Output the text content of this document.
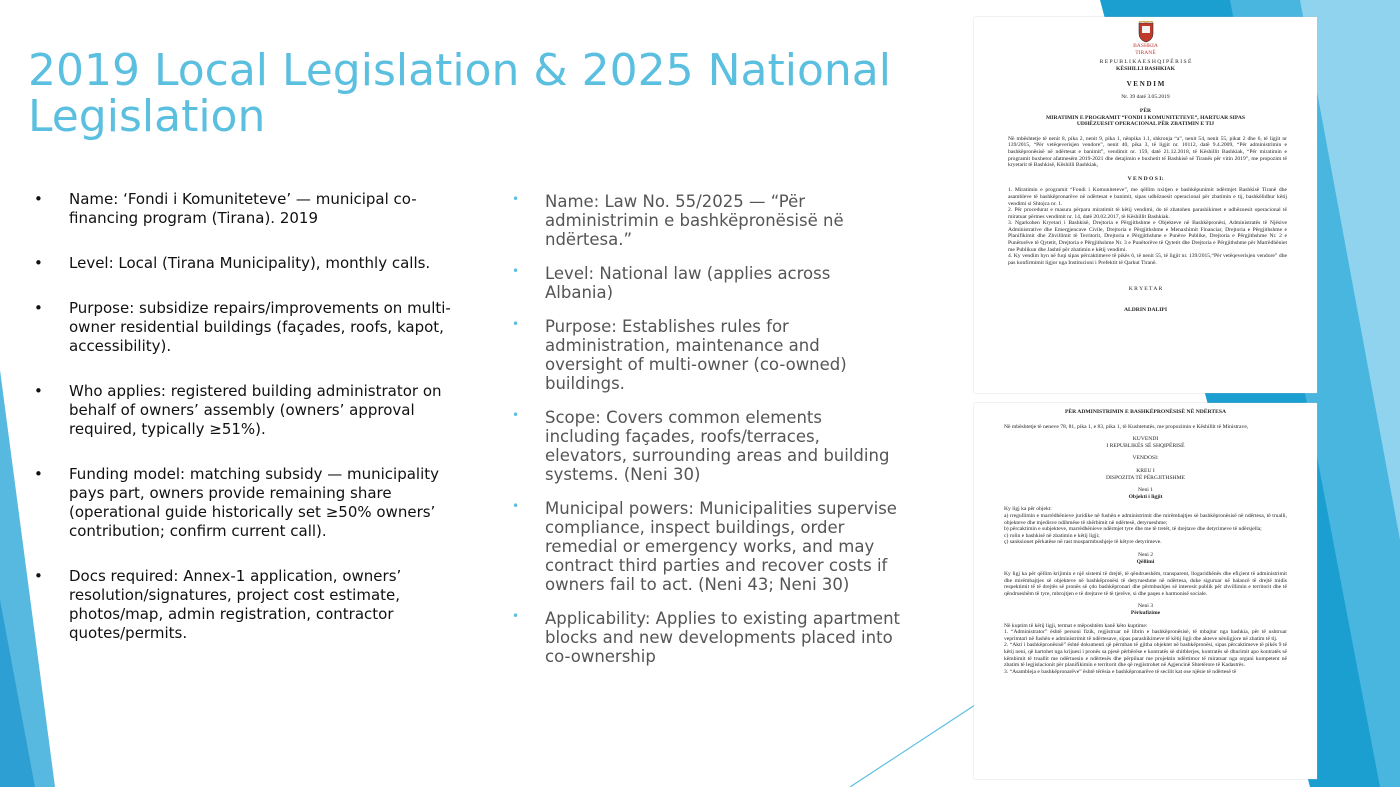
2019 Local Legislation & 2025 National Legislation
• Name: ‘Fondi i Komuniteteve’ — municipal co-financing program (Tirana). 2019
• Level: Local (Tirana Municipality), monthly calls.
• Purpose: subsidize repairs/improvements on multi-owner residential buildings (façades, roofs, kapot, accessibility).
• Who applies: registered building administrator on behalf of owners’ assembly (owners’ approval required, typically ≥51%).
• Funding model: matching subsidy — municipality pays part, owners provide remaining share (operational guide historically set ≥50% owners’ contribution; confirm current call).
• Docs required: Annex-1 application, owners’ resolution/signatures, project cost estimate, photos/map, admin registration, contractor quotes/permits.
• Name: Law No. 55/2025 — “Për administrimin e bashkëpronësisë në ndërtesa.”
• Level: National law (applies across Albania)
• Purpose: Establishes rules for administration, maintenance and oversight of multi-owner (co-owned) buildings.
• Scope: Covers common elements including façades, roofs/terraces, elevators, surrounding areas and building systems. (Neni 30)
• Municipal powers: Municipalities supervise compliance, inspect buildings, order remedial or emergency works, and may contract third parties and recover costs if owners fail to act. (Neni 43; Neni 30)
• Applicability: Applies to existing apartment blocks and new developments placed into co-ownership
BASHKIA
TIRANË
R E P U B L I K A E S H Q I P Ë R I S Ë
KËSHILLI BASHKIAK
V E N D I M
Nr. 39 datë 3.05.2019
PËR
MIRATIMIN E PROGRAMIT “FONDI I KOMUNITETEVE”, HARTUAR SIPAS UDHËZUESIT OPERACIONAL PËR ZBATIMIN E TIJ
Në mbështetje të nenit 8, pika 2, nenit 9, pika 1, nënpika 1.1, shkronja “a”, nenit 54, nenit 55, pikat 2 dhe 6, të ligjit nr 139/2015, “Për vetëqeverisjen vendore”, nenit 40, pika 3, të ligjit nr. 10112, datë 9.4.2009, “Për administrimin e bashkëpronësisë në ndërtesat e banimit”, vendimit nr. 159, datë 21.12.2018, të Këshillit Bashkiak, “Për miratimin e programit buxhetor afatmesëm 2019-2021 dhe detajimin e buxhetit të Bashkisë së Tiranës për vitin 2019”, me propozim të kryetarit të Bashkisë, Këshilli Bashkiak,
V E N D O S I:
1. Miratimin e programit “Fondi i Komuniteteve”, me qëllim nxitjen e bashkëpunimit ndërmjet Bashkisë Tiranë dhe asambleve të bashkëpronarëve në ndërtesat e banimit, sipas udhëzuesit operacional për zbatimin e tij, bashkëlidhur këtij vendimi si Shtojca nr. 1.
2. Për procedurat e masura përpara miratimit të këtij vendimi, do të zbatohen parashikimet e udhëzuesit operacional të miratuar përmes vendimit nr. 14, datë 20.02.2017, të Këshillit Bashkiak.
3. Ngarkohen Kryetari i Bashkisë, Drejtoria e Përgjithshme e Objekteve në Bashkëpronësi, Administratës të Njësive Administrative dhe Emergjencave Civile, Drejtoria e Përgjithshme e Menaxhimit Financiar, Drejtoria e Përgjithshme e Planifikimit dhe Zhvillimit të Territorit, Drejtoria e Përgjithshme e Punëve Publike, Drejtoria e Përgjithshme Nr. 2 e Punëtorëve të Qytetit, Drejtoria e Përgjithshme Nr. 3 e Punëtorëve të Qytetit dhe Drejtoria e Përgjithshme për Marrëdhëniet me Publikun dhe Jashtë për zbatimin e këtij vendimi.
4. Ky vendim hyn në fuqi sipas përcaktimeve të pikës 6, të nenit 55, të ligjit nr. 139/2015,“Për vetëqeverisjen vendore” dhe pas konfirmimit ligjor nga Institucioni i Prefektit të Qarkut Tiranë.
K R Y E T A R
ALDRIN DALIPI
PËR ADMINISTRIMIN E BASHKËPRONËSISË NË NDËRTESA
Në mbështetje të neneve 78, 81, pika 1, e 83, pika 1, të Kushtetutës, me propozimin e Këshillit të Ministrave,
KUVENDI
I REPUBLIKËS SË SHQIPËRISË
VENDOSI:
KREU I
DISPOZITA TË PËRGJITHSHME
Neni 1
Objekti i ligjit
Ky ligj ka për objekt:
a) rregullimin e marrëdhënieve juridike në fushën e administrimit dhe mirëmbajtjes së bashkëpronësisë në ndërtesa, të trualli, objekteve dhe mjedisve ndihmëse të shërbimit në ndërtesë, detyrueshme;
b) përcaktimin e subjekteve, marrëdhënieve ndërmjet tyre dhe me të tretët, të drejtave dhe detyrimeve të ndërsjella;
c) rolin e bashkisë në zbatimin e këtij ligji;
ç) sanksionet përkatëse në rast mosparmbushjeje të këtyre detyrimeve.
Neni 2
Qëllimi
Ky ligj ka për qëllim krijimin e një sistemi të drejtë, të qëndrueshëm, transparent, llogaridhënës dhe efiçient të administrimit dhe mirëmbajtjes së objekteve në bashkëpronësi të detyrueshme në ndërtesa, duke siguruar në balancë të drejtë midis respektimit të të drejtës së pronës së çdo bashkëpronari dhe përmbushjes së interesit publik për zhvillimin e territorit dhe të qëndrueshëm të tyre, mbrojtjen e të drejtave të të tjerëve, si dhe paqes e harmonisë sociale.
Neni 3
Përkufizime
Në kuptim të këtij ligji, termat e mëposhtëm kanë këto kuptime:
1. “Administrator” është personi fizik, regjistruar në librin e bashkëpronësisë, të mbajtur nga bashkia, për të ushtruar veprimtari në fushën e administrimit të ndërtesave, sipas parashikimeve të këtij ligji dhe akteve nënligjore në zbatim të tij.
2. “Akti i bashkëpronësisë” është dokumenti që përmban të gjitha objektet në bashkëpronësi, sipas përcaktimeve të pikës 9 të këtij neni, që hartohet nga krijuesi i pronës sa pjesë përbërëse e kontratës së shitblerjes, kontratës së dhurimit apo kontratës së këmbimit të truallit me ndërtuesin e ndërtesës dhe përpiluar me projektin ndërtimor të miratuar nga organi kompetent në zbatim të legjislacionit për planifikimin e territorit dhe që regjistrohet në Agjencinë Shtetërore të Kadastrës.
3. “Asambleja e bashkëpronarëve” është tërësia e bashkëpronarëve të secilit kat ose njësie të ndërtesë të
